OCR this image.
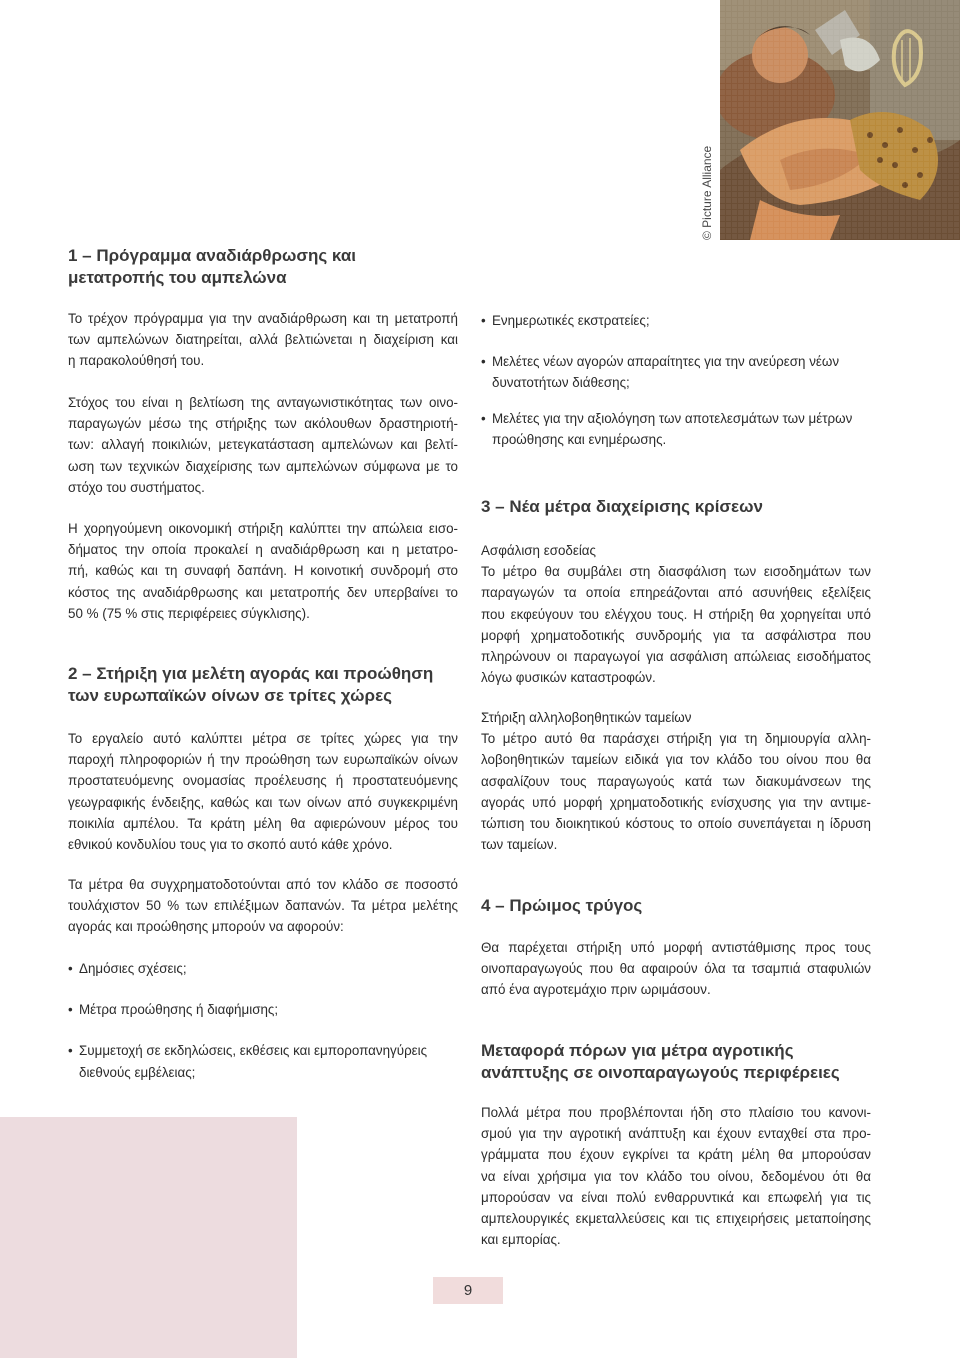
© Picture Alliance
1 – Πρόγραμμα αναδιάρθρωσης και
μετατροπής του αμπελώνα
Το τρέχον πρόγραμμα για την αναδιάρθρωση και τη μετατροπή
των αμπελώνων διατηρείται, αλλά βελτιώνεται η διαχείριση και
η παρακολούθησή του.
Στόχος του είναι η βελτίωση της ανταγωνιστικότητας των οινο-
παραγωγών μέσω της στήριξης των ακόλουθων δραστηριοτή-
των: αλλαγή ποικιλιών, μετεγκατάσταση αμπελώνων και βελτί-
ωση των τεχνικών διαχείρισης των αμπελώνων σύμφωνα με το
στόχο του συστήματος.
Η χορηγούμενη οικονομική στήριξη καλύπτει την απώλεια εισο-
δήματος την οποία προκαλεί η αναδιάρθρωση και η μετατρο-
πή, καθώς και τη συναφή δαπάνη. Η κοινοτική συνδρομή στο
κόστος της αναδιάρθρωσης και μετατροπής δεν υπερβαίνει το
50 % (75 % στις περιφέρειες σύγκλισης).
2 – Στήριξη για μελέτη αγοράς και προώθηση
των ευρωπαϊκών οίνων σε τρίτες χώρες
Το εργαλείο αυτό καλύπτει μέτρα σε τρίτες χώρες για την
παροχή πληροφοριών ή την προώθηση των ευρωπαϊκών οίνων
προστατευόμενης ονομασίας προέλευσης ή προστατευόμενης
γεωγραφικής ένδειξης, καθώς και των οίνων από συγκεκριμένη
ποικιλία αμπέλου. Τα κράτη μέλη θα αφιερώνουν μέρος του
εθνικού κονδυλίου τους για το σκοπό αυτό κάθε χρόνο.
Τα μέτρα θα συγχρηματοδοτούνται από τον κλάδο σε ποσοστό
τουλάχιστον 50 % των επιλέξιμων δαπανών. Τα μέτρα μελέτης
αγοράς και προώθησης μπορούν να αφορούν:
• Δημόσιες σχέσεις;
• Μέτρα προώθησης ή διαφήμισης;
• Συμμετοχή σε εκδηλώσεις, εκθέσεις και εμποροπανηγύρεις
διεθνούς εμβέλειας;
• Ενημερωτικές εκστρατείες;
• Μελέτες νέων αγορών απαραίτητες για την ανεύρεση νέων
δυνατοτήτων διάθεσης;
• Μελέτες για την αξιολόγηση των αποτελεσμάτων των μέτρων
προώθησης και ενημέρωσης.
3 – Νέα μέτρα διαχείρισης κρίσεων
Ασφάλιση εσοδείας
Το μέτρο θα συμβάλει στη διασφάλιση των εισοδημάτων των
παραγωγών τα οποία επηρεάζονται από ασυνήθεις εξελίξεις
που εκφεύγουν του ελέγχου τους. Η στήριξη θα χορηγείται υπό
μορφή χρηματοδοτικής συνδρομής για τα ασφάλιστρα που
πληρώνουν οι παραγωγοί για ασφάλιση απώλειας εισοδήματος
λόγω φυσικών καταστροφών.
Στήριξη αλληλοβοηθητικών ταμείων
Το μέτρο αυτό θα παράσχει στήριξη για τη δημιουργία αλλη-
λοβοηθητικών ταμείων ειδικά για τον κλάδο του οίνου που θα
ασφαλίζουν τους παραγωγούς κατά των διακυμάνσεων της
αγοράς υπό μορφή χρηματοδοτικής ενίσχυσης για την αντιμε-
τώπιση του διοικητικού κόστους το οποίο συνεπάγεται η ίδρυση
των ταμείων.
4 – Πρώιμος τρύγος
Θα παρέχεται στήριξη υπό μορφή αντιστάθμισης προς τους
οινοπαραγωγούς που θα αφαιρούν όλα τα τσαμπιά σταφυλιών
από ένα αγροτεμάχιο πριν ωριμάσουν.
Μεταφορά πόρων για μέτρα αγροτικής
ανάπτυξης σε οινοπαραγωγούς περιφέρειες
Πολλά μέτρα που προβλέπονται ήδη στο πλαίσιο του κανονι-
σμού για την αγροτική ανάπτυξη και έχουν ενταχθεί στα προ-
γράμματα που έχουν εγκρίνει τα κράτη μέλη θα μπορούσαν
να είναι χρήσιμα για τον κλάδο του οίνου, δεδομένου ότι θα
μπορούσαν να είναι πολύ ενθαρρυντικά και επωφελή για τις
αμπελουργικές εκμεταλλεύσεις και τις επιχειρήσεις μεταποίησης
και εμπορίας.
9
